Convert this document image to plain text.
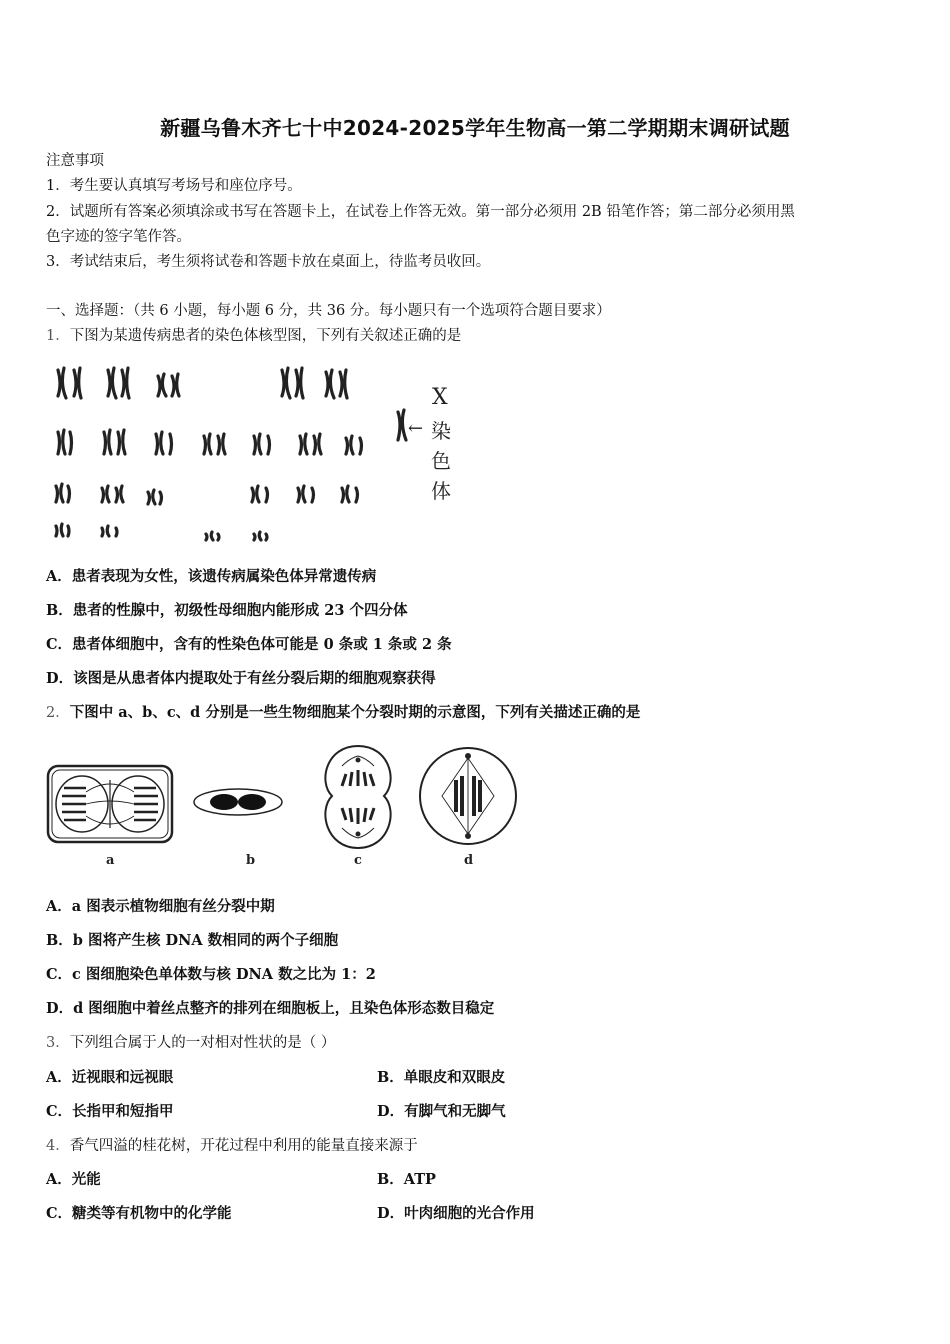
新疆乌鲁木齐七十中2024-2025学年生物高一第二学期期末调研试题
注意事项
1．考生要认真填写考场号和座位序号。
2．试题所有答案必须填涂或书写在答题卡上，在试卷上作答无效。第一部分必须用 2B 铅笔作答；第二部分必须用黑
色字迹的签字笔作答。
3．考试结束后，考生须将试卷和答题卡放在桌面上，待监考员收回。
一、选择题：（共 6 小题，每小题 6 分，共 36 分。每小题只有一个选项符合题目要求）
1．下图为某遗传病患者的染色体核型图，下列有关叙述正确的是
←
X
染
色
体
A．患者表现为女性，该遗传病属染色体异常遗传病
B．患者的性腺中，初级性母细胞内能形成 23 个四分体
C．患者体细胞中，含有的性染色体可能是 0 条或 1 条或 2 条
D．该图是从患者体内提取处于有丝分裂后期的细胞观察获得
2．下图中 a、b、c、d 分别是一些生物细胞某个分裂时期的示意图，下列有关描述正确的是
a	b	c	d
A．a 图表示植物细胞有丝分裂中期
B．b 图将产生核 DNA 数相同的两个子细胞
C．c 图细胞染色单体数与核 DNA 数之比为 1：2
D．d 图细胞中着丝点整齐的排列在细胞板上，且染色体形态数目稳定
3．下列组合属于人的一对相对性状的是（ ）
A．近视眼和远视眼	B．单眼皮和双眼皮
C．长指甲和短指甲	D．有脚气和无脚气
4．香气四溢的桂花树，开花过程中利用的能量直接来源于
A．光能	B．ATP
C．糖类等有机物中的化学能	D．叶肉细胞的光合作用
